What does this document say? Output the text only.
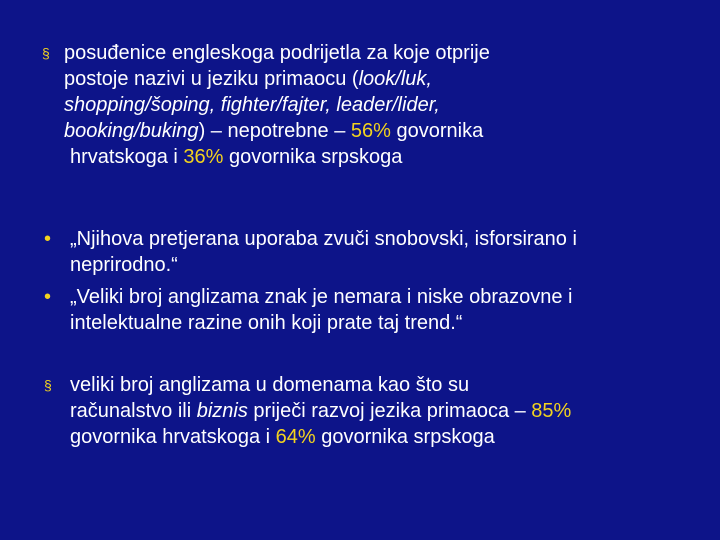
§ posuđenice engleskoga podrijetla za koje otprije
postoje nazivi u jeziku primaocu (look/luk,
shopping/šoping, fighter/fajter, leader/lider,
booking/buking) – nepotrebne – 56% govornika
hrvatskoga i 36% govornika srpskoga
• „Njihova pretjerana uporaba zvuči snobovski, isforsirano i
neprirodno.“
• „Veliki broj anglizama znak je nemara i niske obrazovne i
intelektualne razine onih koji prate taj trend.“
§ veliki broj anglizama u domenama kao što su
računalstvo ili biznis priječi razvoj jezika primaoca – 85%
govornika hrvatskoga i 64% govornika srpskoga
